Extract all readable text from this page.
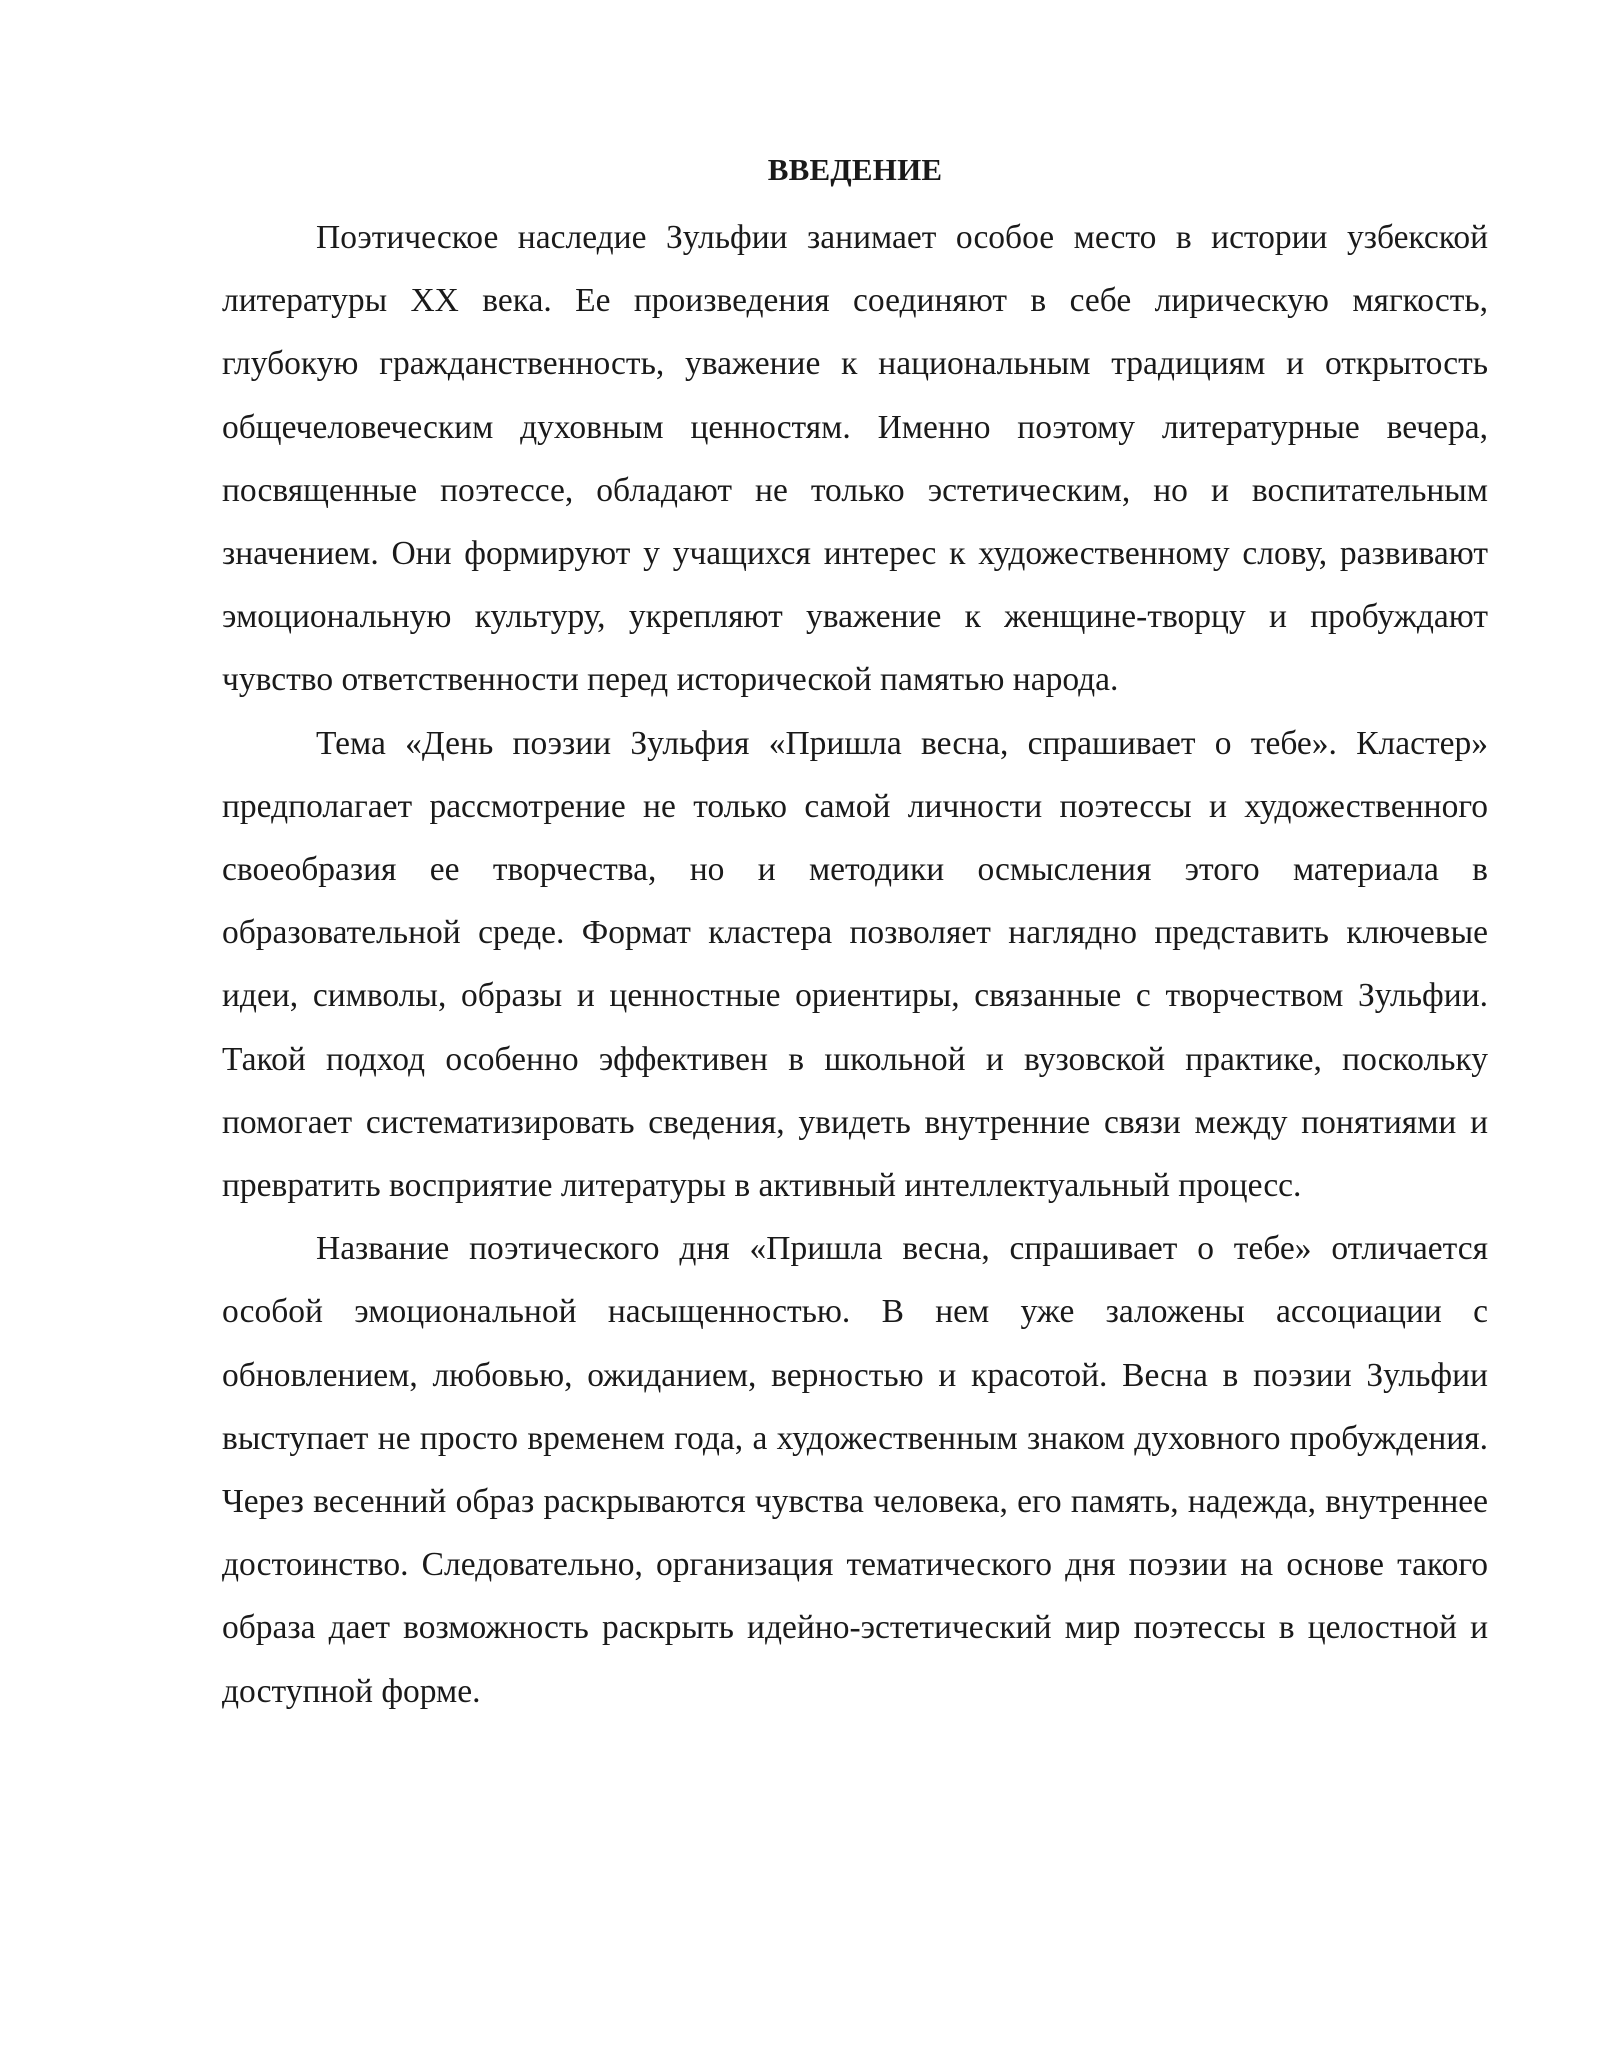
ВВЕДЕНИЕ

Поэтическое наследие Зульфии занимает особое место в истории узбекской литературы XX века. Ее произведения соединяют в себе лирическую мягкость, глубокую гражданственность, уважение к национальным традициям и открытость общечеловеческим духовным ценностям. Именно поэтому литературные вечера, посвященные поэтессе, обладают не только эстетическим, но и воспитательным значением. Они формируют у учащихся интерес к художественному слову, развивают эмоциональную культуру, укрепляют уважение к женщине-творцу и пробуждают чувство ответственности перед исторической памятью народа.

Тема «День поэзии Зульфия «Пришла весна, спрашивает о тебе». Кластер» предполагает рассмотрение не только самой личности поэтессы и художественного своеобразия ее творчества, но и методики осмысления этого материала в образовательной среде. Формат кластера позволяет наглядно представить ключевые идеи, символы, образы и ценностные ориентиры, связанные с творчеством Зульфии. Такой подход особенно эффективен в школьной и вузовской практике, поскольку помогает систематизировать сведения, увидеть внутренние связи между понятиями и превратить восприятие литературы в активный интеллектуальный процесс.

Название поэтического дня «Пришла весна, спрашивает о тебе» отличается особой эмоциональной насыщенностью. В нем уже заложены ассоциации с обновлением, любовью, ожиданием, верностью и красотой. Весна в поэзии Зульфии выступает не просто временем года, а художественным знаком духовного пробуждения. Через весенний образ раскрываются чувства человека, его память, надежда, внутреннее достоинство. Следовательно, организация тематического дня поэзии на основе такого образа дает возможность раскрыть идейно-эстетический мир поэтессы в целостной и доступной форме.
